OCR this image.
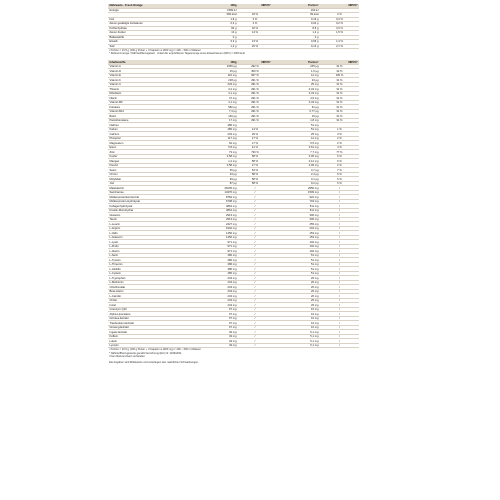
Nährwerte - Fresh Orange	100g	NRV%*	Portion¹	NRV%*
Energie	1569 kJ		162 kJ	
	369 kcal	18 %	39 kcal	2 %
Fett	1,8 g	3 %	0,19 g	0,3 %
davon gesättigte Fettsäuren	0,4 g	2 %	0,04 g	0,2 %
Kohlenhydrate	82 g	32 %	8,6 g	3,3 %
davon Zucker	13 g	14 %	1,4 g	1,5 %
Ballaststoffe	0 g		0 g	
Eiweiß	6,3 g	13 %	0,66 g	1,3 %
Salz	1,2 g	20 %	0,13 g	2,1 %
¹ Portion = 10,5 g (100 g Pulver + 3 Kapseln á 1000 mg) = 400 – 500 ml Wasser
* Referenzmenge / Nährstoffbezugswert · Anteil der empfohlenen Tagesmenge eines Erwachsenen (NRV) = 2000 kcal
Inhaltsstoffe	100g	NRV%*	Portion¹	NRV%*
Vitamin A	2336 µg	292 %	245 µg	31 %
Vitamin D	15 µg	300 %	1,6 µg	32 %
Vitamin E	116 mg	967 %	12 mg	100 %
Vitamin K	218 µg	291 %	23 µg	31 %
Vitamin C	233 mg	291 %	25 mg	31 %
Thiamin	3,2 mg	291 %	0,34 mg	31 %
Riboflavin	4,1 mg	291 %	0,43 mg	31 %
Niacin	47 mg	291 %	4,9 mg	31 %
Vitamin B6	4,1 mg	291 %	0,43 mg	31 %
Folsäure	582 µg	291 %	61 µg	31 %
Vitamin B12	7,3 µg	291 %	0,77 µg	31 %
Biotin	146 µg	291 %	15 µg	31 %
Pantothensäure	17 mg	291 %	1,8 mg	31 %
Natrium	486 mg		51 mg	
Kalium	486 mg	14 %	51 mg	1 %
Calcium	233 mg	29 %	25 mg	3 %
Phosphor	117 mg	17 %	12 mg	2 %
Magnesium	62 mg	17 %	6,5 mg	2 %
Eisen	5,8 mg	41 %	0,61 mg	4 %
Zink	73 mg	730 %	7,7 mg	77 %
Kupfer	0,58 mg	58 %	0,06 mg	6 %
Mangan	1,2 mg	58 %	0,12 mg	6 %
Fluorid	0,58 mg	17 %	0,06 mg	2 %
Selen	35 µg	63 %	3,7 µg	7 %
Chrom	23 µg	58 %	2,4 µg	6 %
Molybdän	29 µg	58 %	3,1 µg	6 %
Jod	87 µg	58 %	9,2 µg	6 %
Maltodextrin	28105 mg	/	2950 mg	/
Saccharose	14376 mg	/	1509 mg	/
Molkenproteinkonzentrat	8784 mg	/	922 mg	/
Molkenprotein-Hydrolysat	6708 mg	/	704 mg	/
Kollagenhydrolysat	4864 mg	/	511 mg	/
Kreatin-Monohydrat	4864 mg	/	511 mg	/
Glutamin	2913 mg	/	306 mg	/
Taurin	2913 mg	/	306 mg	/
L-Leucin	2427 mg	/	255 mg	/
L-Arginin	1942 mg	/	204 mg	/
L-Valin	1456 mg	/	153 mg	/
L-Isoleucin	1456 mg	/	153 mg	/
L-Lysin	971 mg	/	102 mg	/
L-Prolin	971 mg	/	102 mg	/
L-Alanin	971 mg	/	102 mg	/
L-Serin	486 mg	/	51 mg	/
L-Tyrosin	486 mg	/	51 mg	/
L-Threonin	486 mg	/	51 mg	/
L-Histidin	486 mg	/	51 mg	/
L-Cystein	486 mg	/	51 mg	/
L-Tryptophan	243 mg	/	26 mg	/
L-Methionin	243 mg	/	26 mg	/
Citrullinmalat	243 mg	/	26 mg	/
Beta-Alanin	243 mg	/	26 mg	/
L-Carnitin	243 mg	/	26 mg	/
Cholin	243 mg	/	26 mg	/
Inosit	243 mg	/	26 mg	/
Coenzym Q10	97 mg	/	10 mg	/
Alpha-Liponsäure	97 mg	/	10 mg	/
Grüntee-Extrakt	97 mg	/	10 mg	/
Traubenkern-Extrakt	97 mg	/	10 mg	/
Ginseng-Extrakt	97 mg	/	10 mg	/
Ingwer-Extrakt	49 mg	/	5,1 mg	/
Koffein	49 mg	/	5,1 mg	/
Lutein	49 mg	/	5,1 mg	/
Lycopin	49 mg	/	5,1 mg	/
¹ Portion = 10,5 g (100 g Pulver + 3 Kapseln á 1000 mg) = 400 – 500 ml Wasser
* Nährstoffbezugswerte gemäß Verordnung (EU) Nr. 1169/2011
/ Kein Referenzwert vorhanden
Die Angaben sind Mittelwerte und unterliegen den natürlichen Schwankungen.
